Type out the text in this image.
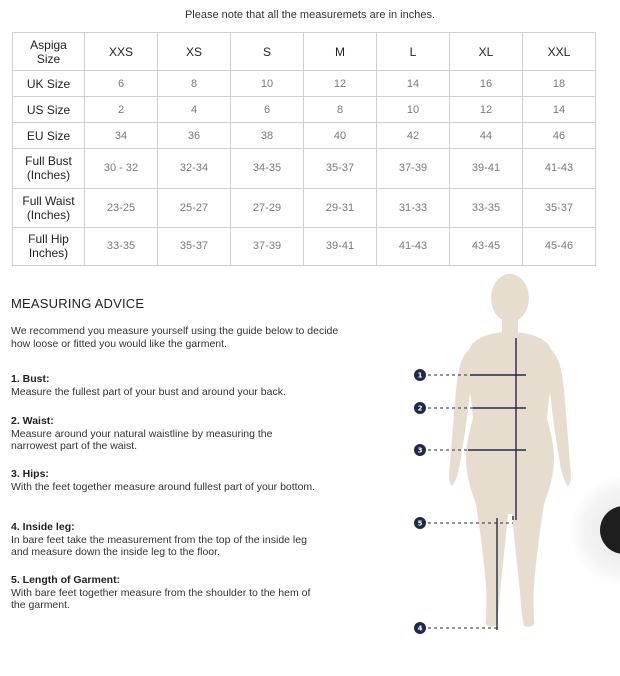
Please note that all the measuremets are in inches.
Aspiga Size	XXS	XS	S	M	L	XL	XXL
UK Size	6	8	10	12	14	16	18
US Size	2	4	6	8	10	12	14
EU Size	34	36	38	40	42	44	46
Full Bust (Inches)	30 - 32	32-34	34-35	35-37	37-39	39-41	41-43
Full Waist (Inches)	23-25	25-27	27-29	29-31	31-33	33-35	35-37
Full Hip Inches)	33-35	35-37	37-39	39-41	41-43	43-45	45-46
MEASURING ADVICE
We recommend you measure yourself using the guide below to decide how loose or fitted you would like the garment.
1. Bust:
Measure the fullest part of your bust and around your back.
2. Waist:
Measure around your natural waistline by measuring the narrowest part of the waist.
3. Hips:
With the feet together measure around fullest part of your bottom.
4. Inside leg:
In bare feet take the measurement from the top of the inside leg and measure down the inside leg to the floor.
5. Length of Garment:
With bare feet together measure from the shoulder to the hem of the garment.
1
2
3
5
4
